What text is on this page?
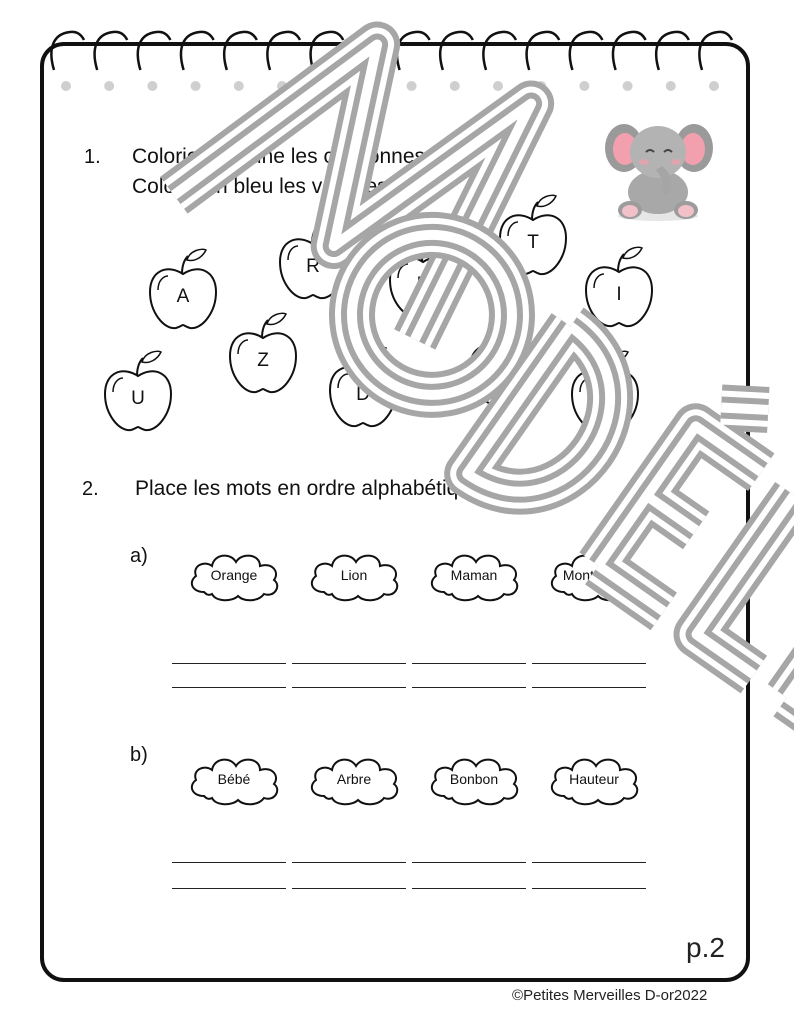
1. Colorie en jaune les consonnes.
Colorie en bleu les voyelles.
A
R
E
T
I
U
Z
D
M
O
2. Place les mots en ordre alphabétique.
a)
b)
Orange	Lion	Maman	Montagne
Bébé	Arbre	Bonbon	Hauteur
p.2
©Petites Merveilles D-or2022
